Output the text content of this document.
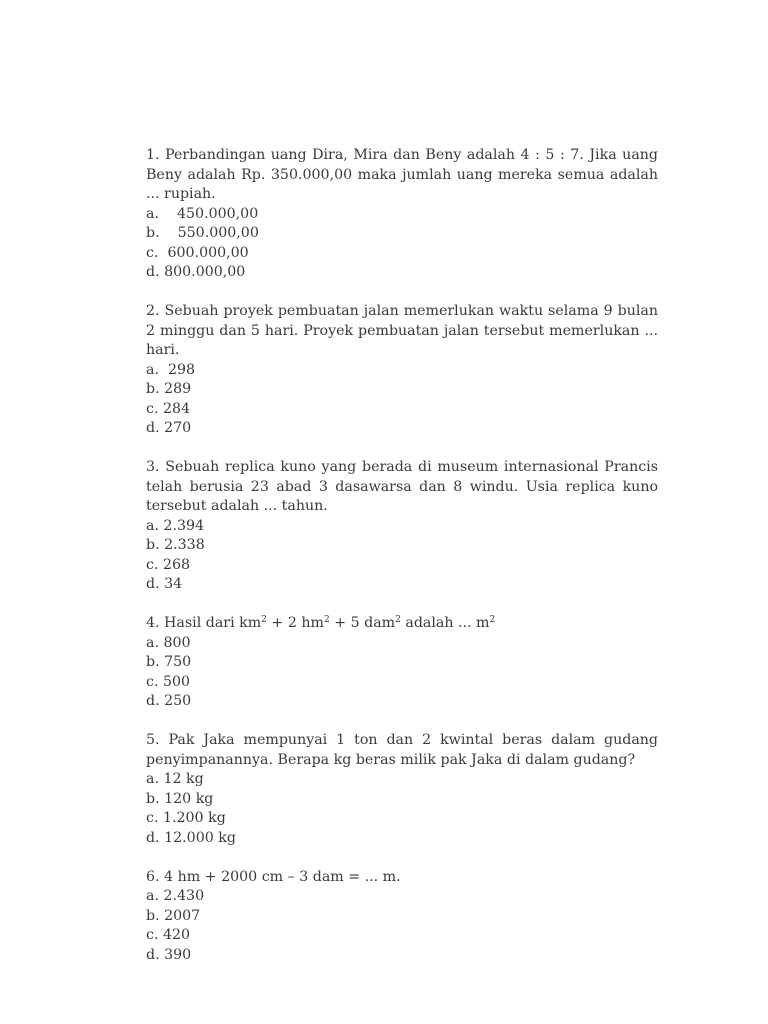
1. Perbandingan uang Dira, Mira dan Beny adalah 4 : 5 : 7. Jika uang Beny adalah Rp. 350.000,00 maka jumlah uang mereka semua adalah ... rupiah.
a.    450.000,00
b.    550.000,00
c.  600.000,00
d. 800.000,00
2. Sebuah proyek pembuatan jalan memerlukan waktu selama 9 bulan 2 minggu dan 5 hari. Proyek pembuatan jalan tersebut memerlukan ... hari.
a.  298
b. 289
c. 284
d. 270
3. Sebuah replica kuno yang berada di museum internasional Prancis telah berusia 23 abad 3 dasawarsa dan 8 windu. Usia replica kuno tersebut adalah ... tahun.
a. 2.394
b. 2.338
c. 268
d. 34
4. Hasil dari $km^2 + 2$ $hm^2 + 5$ dam$^2$ adalah ... $m^2$
a. 800
b. 750
c. 500
d. 250
5. Pak Jaka mempunyai 1 ton dan 2 kwintal beras dalam gudang penyimpanannya. Berapa kg beras milik pak Jaka di dalam gudang?
a. 12 kg
b. 120 kg
c. 1.200 kg
d. 12.000 kg
6. 4 hm + 2000 cm – 3 dam = ... m.
a. 2.430
b. 2007
c. 420
d. 390
